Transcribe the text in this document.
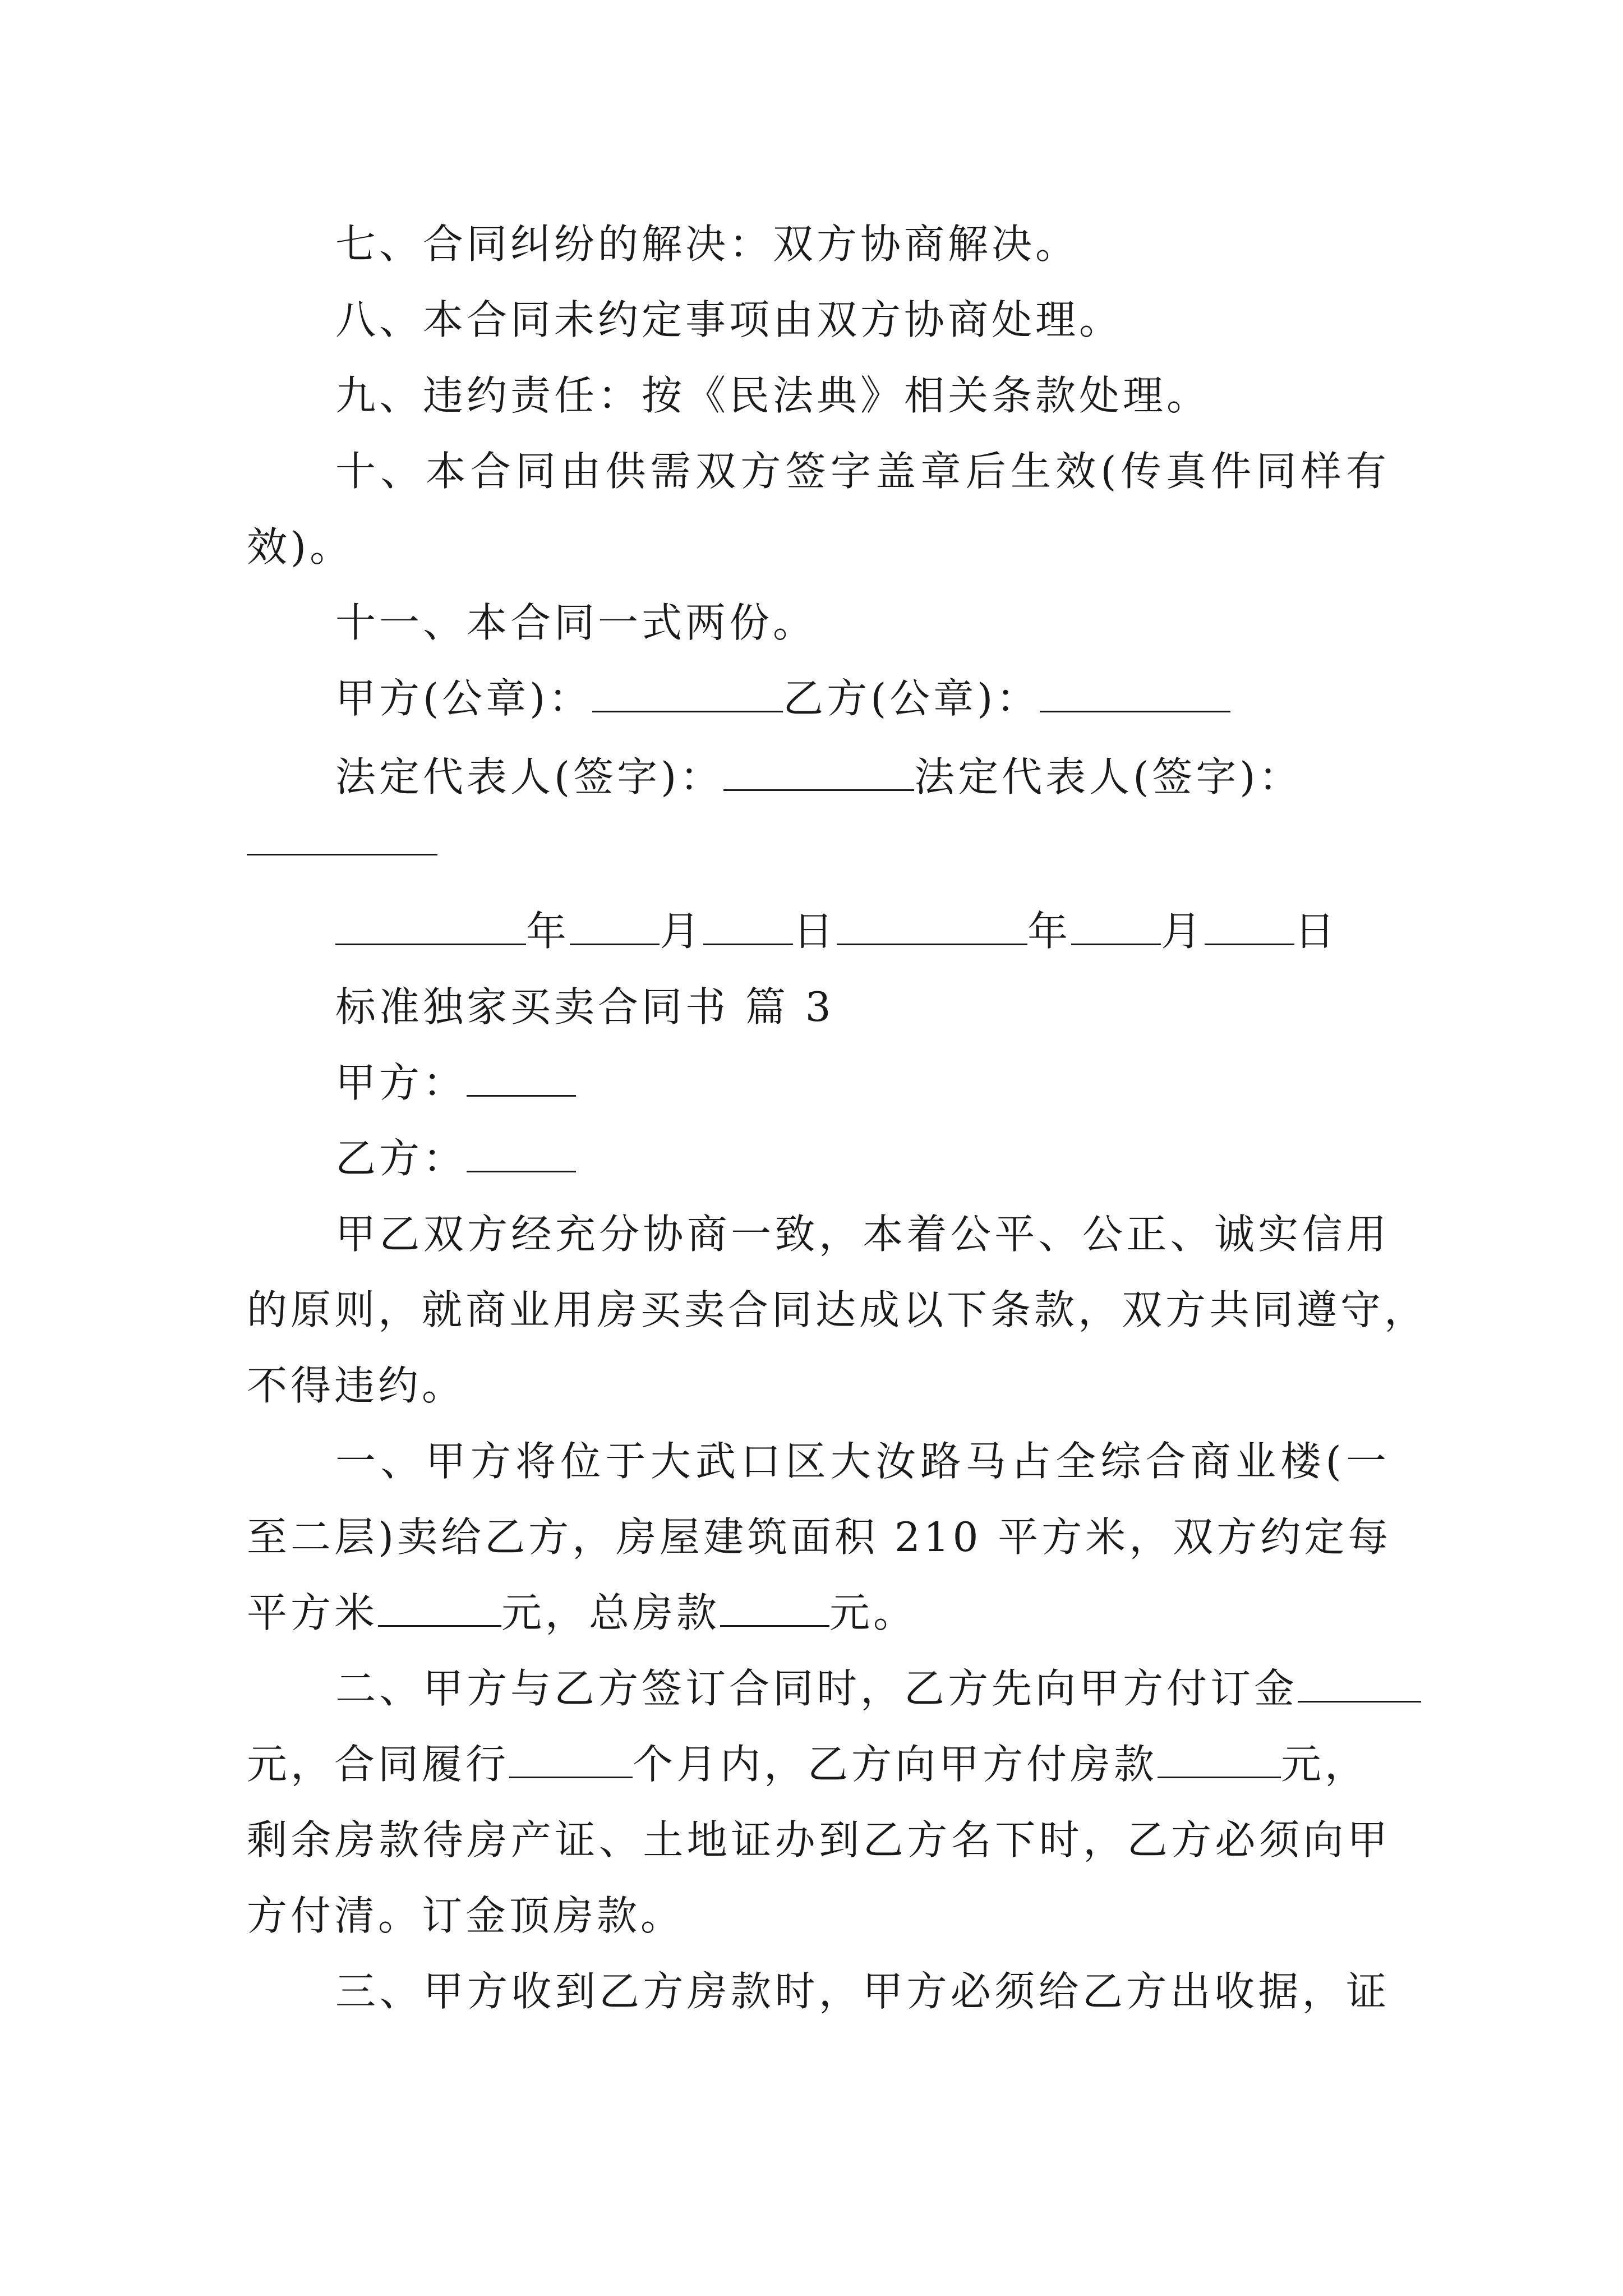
七、合同纠纷的解决：双方协商解决。
八、本合同未约定事项由双方协商处理。
九、违约责任：按《民法典》相关条款处理。
十、本合同由供需双方签字盖章后生效(传真件同样有
效)。
十一、本合同一式两份。
甲方(公章)：	乙方(公章)：
法定代表人(签字)：	法定代表人(签字)：
年 月 日	年 月 日
标准独家买卖合同书 篇 3
甲方：
乙方：
甲乙双方经充分协商一致，本着公平、公正、诚实信用
的原则，就商业用房买卖合同达成以下条款，双方共同遵守，
不得违约。
一、甲方将位于大武口区大汝路马占全综合商业楼(一
至二层)卖给乙方，房屋建筑面积 210 平方米，双方约定每
平方米	元，总房款	元。
二、甲方与乙方签订合同时，乙方先向甲方付订金
元，合同履行	个月内，乙方向甲方付房款	元，
剩余房款待房产证、土地证办到乙方名下时，乙方必须向甲
方付清。订金顶房款。
三、甲方收到乙方房款时，甲方必须给乙方出收据，证
